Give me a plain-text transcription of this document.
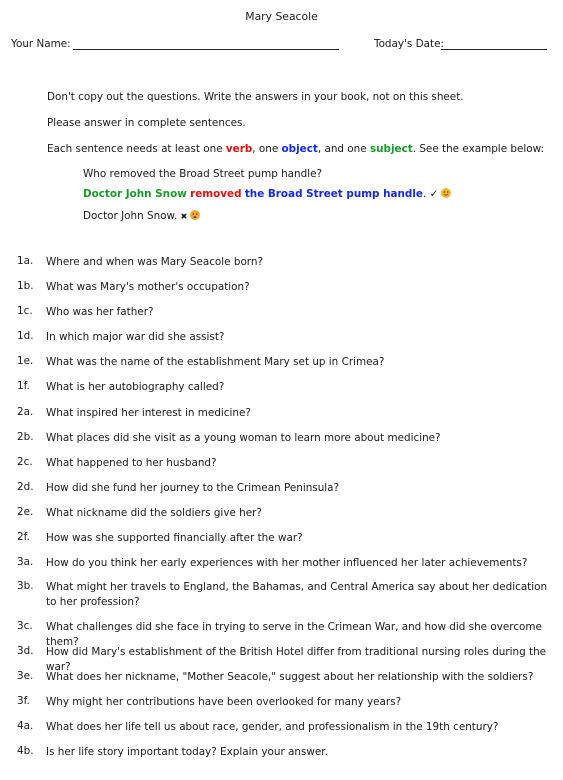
Mary Seacole
Your Name:	Today's Date:
Don't copy out the questions. Write the answers in your book, not on this sheet.
Please answer in complete sentences.
Each sentence needs at least one verb, one object, and one subject. See the example below:
Who removed the Broad Street pump handle?
Doctor John Snow removed the Broad Street pump handle. ✓
Doctor John Snow. ✖
1a. Where and when was Mary Seacole born?
1b. What was Mary's mother's occupation?
1c. Who was her father?
1d. In which major war did she assist?
1e. What was the name of the establishment Mary set up in Crimea?
1f. What is her autobiography called?
2a. What inspired her interest in medicine?
2b. What places did she visit as a young woman to learn more about medicine?
2c. What happened to her husband?
2d. How did she fund her journey to the Crimean Peninsula?
2e. What nickname did the soldiers give her?
2f. How was she supported financially after the war?
3a. How do you think her early experiences with her mother influenced her later achievements?
3b. What might her travels to England, the Bahamas, and Central America say about her dedication to her profession?
3c. What challenges did she face in trying to serve in the Crimean War, and how did she overcome them?
3d. How did Mary's establishment of the British Hotel differ from traditional nursing roles during the war?
3e. What does her nickname, "Mother Seacole," suggest about her relationship with the soldiers?
3f. Why might her contributions have been overlooked for many years?
4a. What does her life tell us about race, gender, and professionalism in the 19th century?
4b. Is her life story important today? Explain your answer.
